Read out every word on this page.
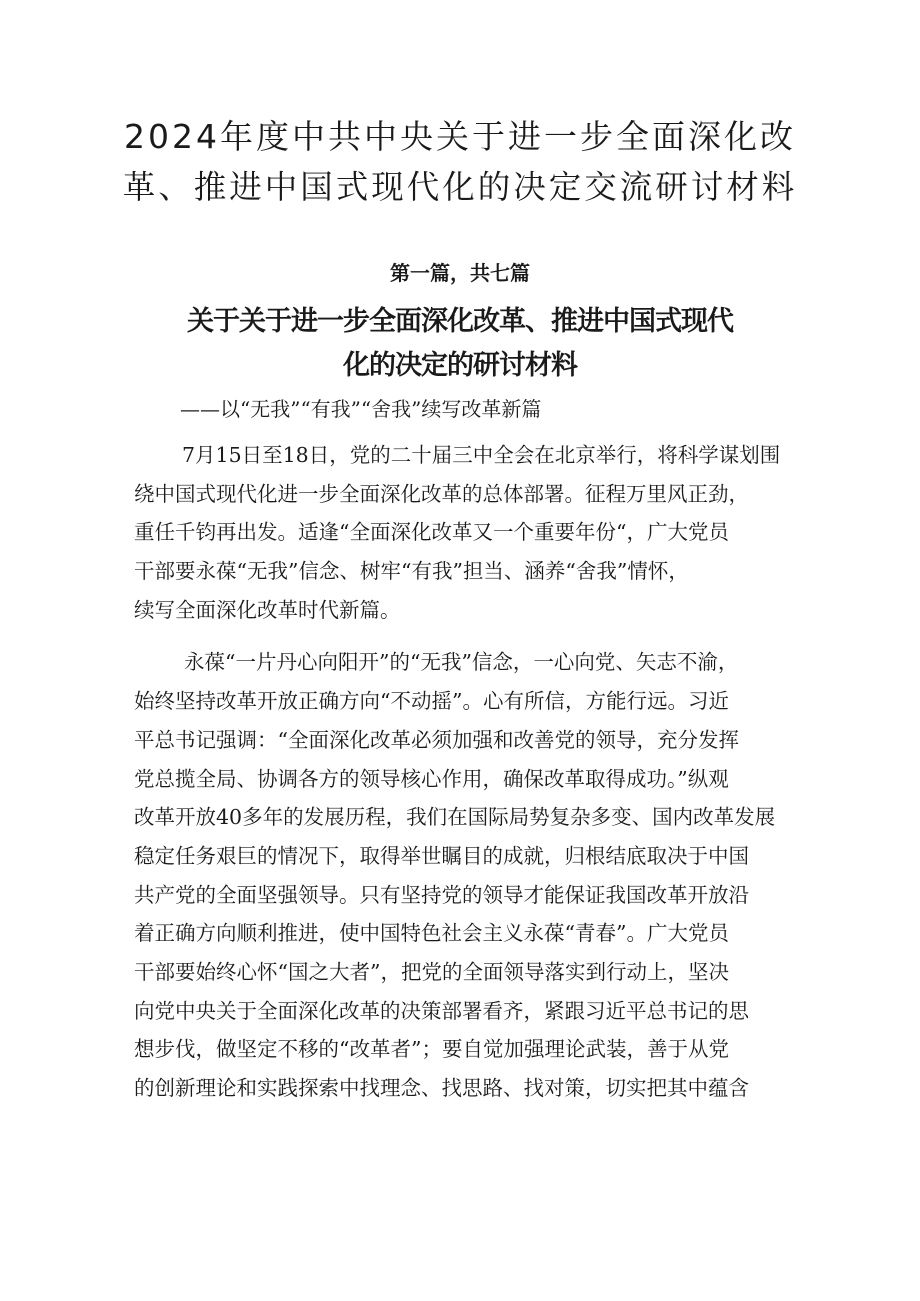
2024年度中共中央关于进一步全面深化改
革、推进中国式现代化的决定交流研讨材料
第一篇，共七篇
关于关于进一步全面深化改革、推进中国式现代
化的决定的研讨材料
——以“无我”“有我”“舍我”续写改革新篇
7月15日至18日，党的二十届三中全会在北京举行，将科学谋划围
绕中国式现代化进一步全面深化改革的总体部署。征程万里风正劲，
重任千钧再出发。适逢“全面深化改革又一个重要年份“，广大党员
干部要永葆“无我”信念、树牢“有我”担当、涵养“舍我”情怀，
续写全面深化改革时代新篇。
永葆“一片丹心向阳开”的“无我”信念，一心向党、矢志不渝，
始终坚持改革开放正确方向“不动摇”。心有所信，方能行远。习近
平总书记强调：“全面深化改革必须加强和改善党的领导，充分发挥
党总揽全局、协调各方的领导核心作用，确保改革取得成功。”纵观
改革开放40多年的发展历程，我们在国际局势复杂多变、国内改革发展
稳定任务艰巨的情况下，取得举世瞩目的成就，归根结底取决于中国
共产党的全面坚强领导。只有坚持党的领导才能保证我国改革开放沿
着正确方向顺利推进，使中国特色社会主义永葆“青春”。广大党员
干部要始终心怀“国之大者”，把党的全面领导落实到行动上，坚决
向党中央关于全面深化改革的决策部署看齐，紧跟习近平总书记的思
想步伐，做坚定不移的“改革者”；要自觉加强理论武装，善于从党
的创新理论和实践探索中找理念、找思路、找对策，切实把其中蕴含
